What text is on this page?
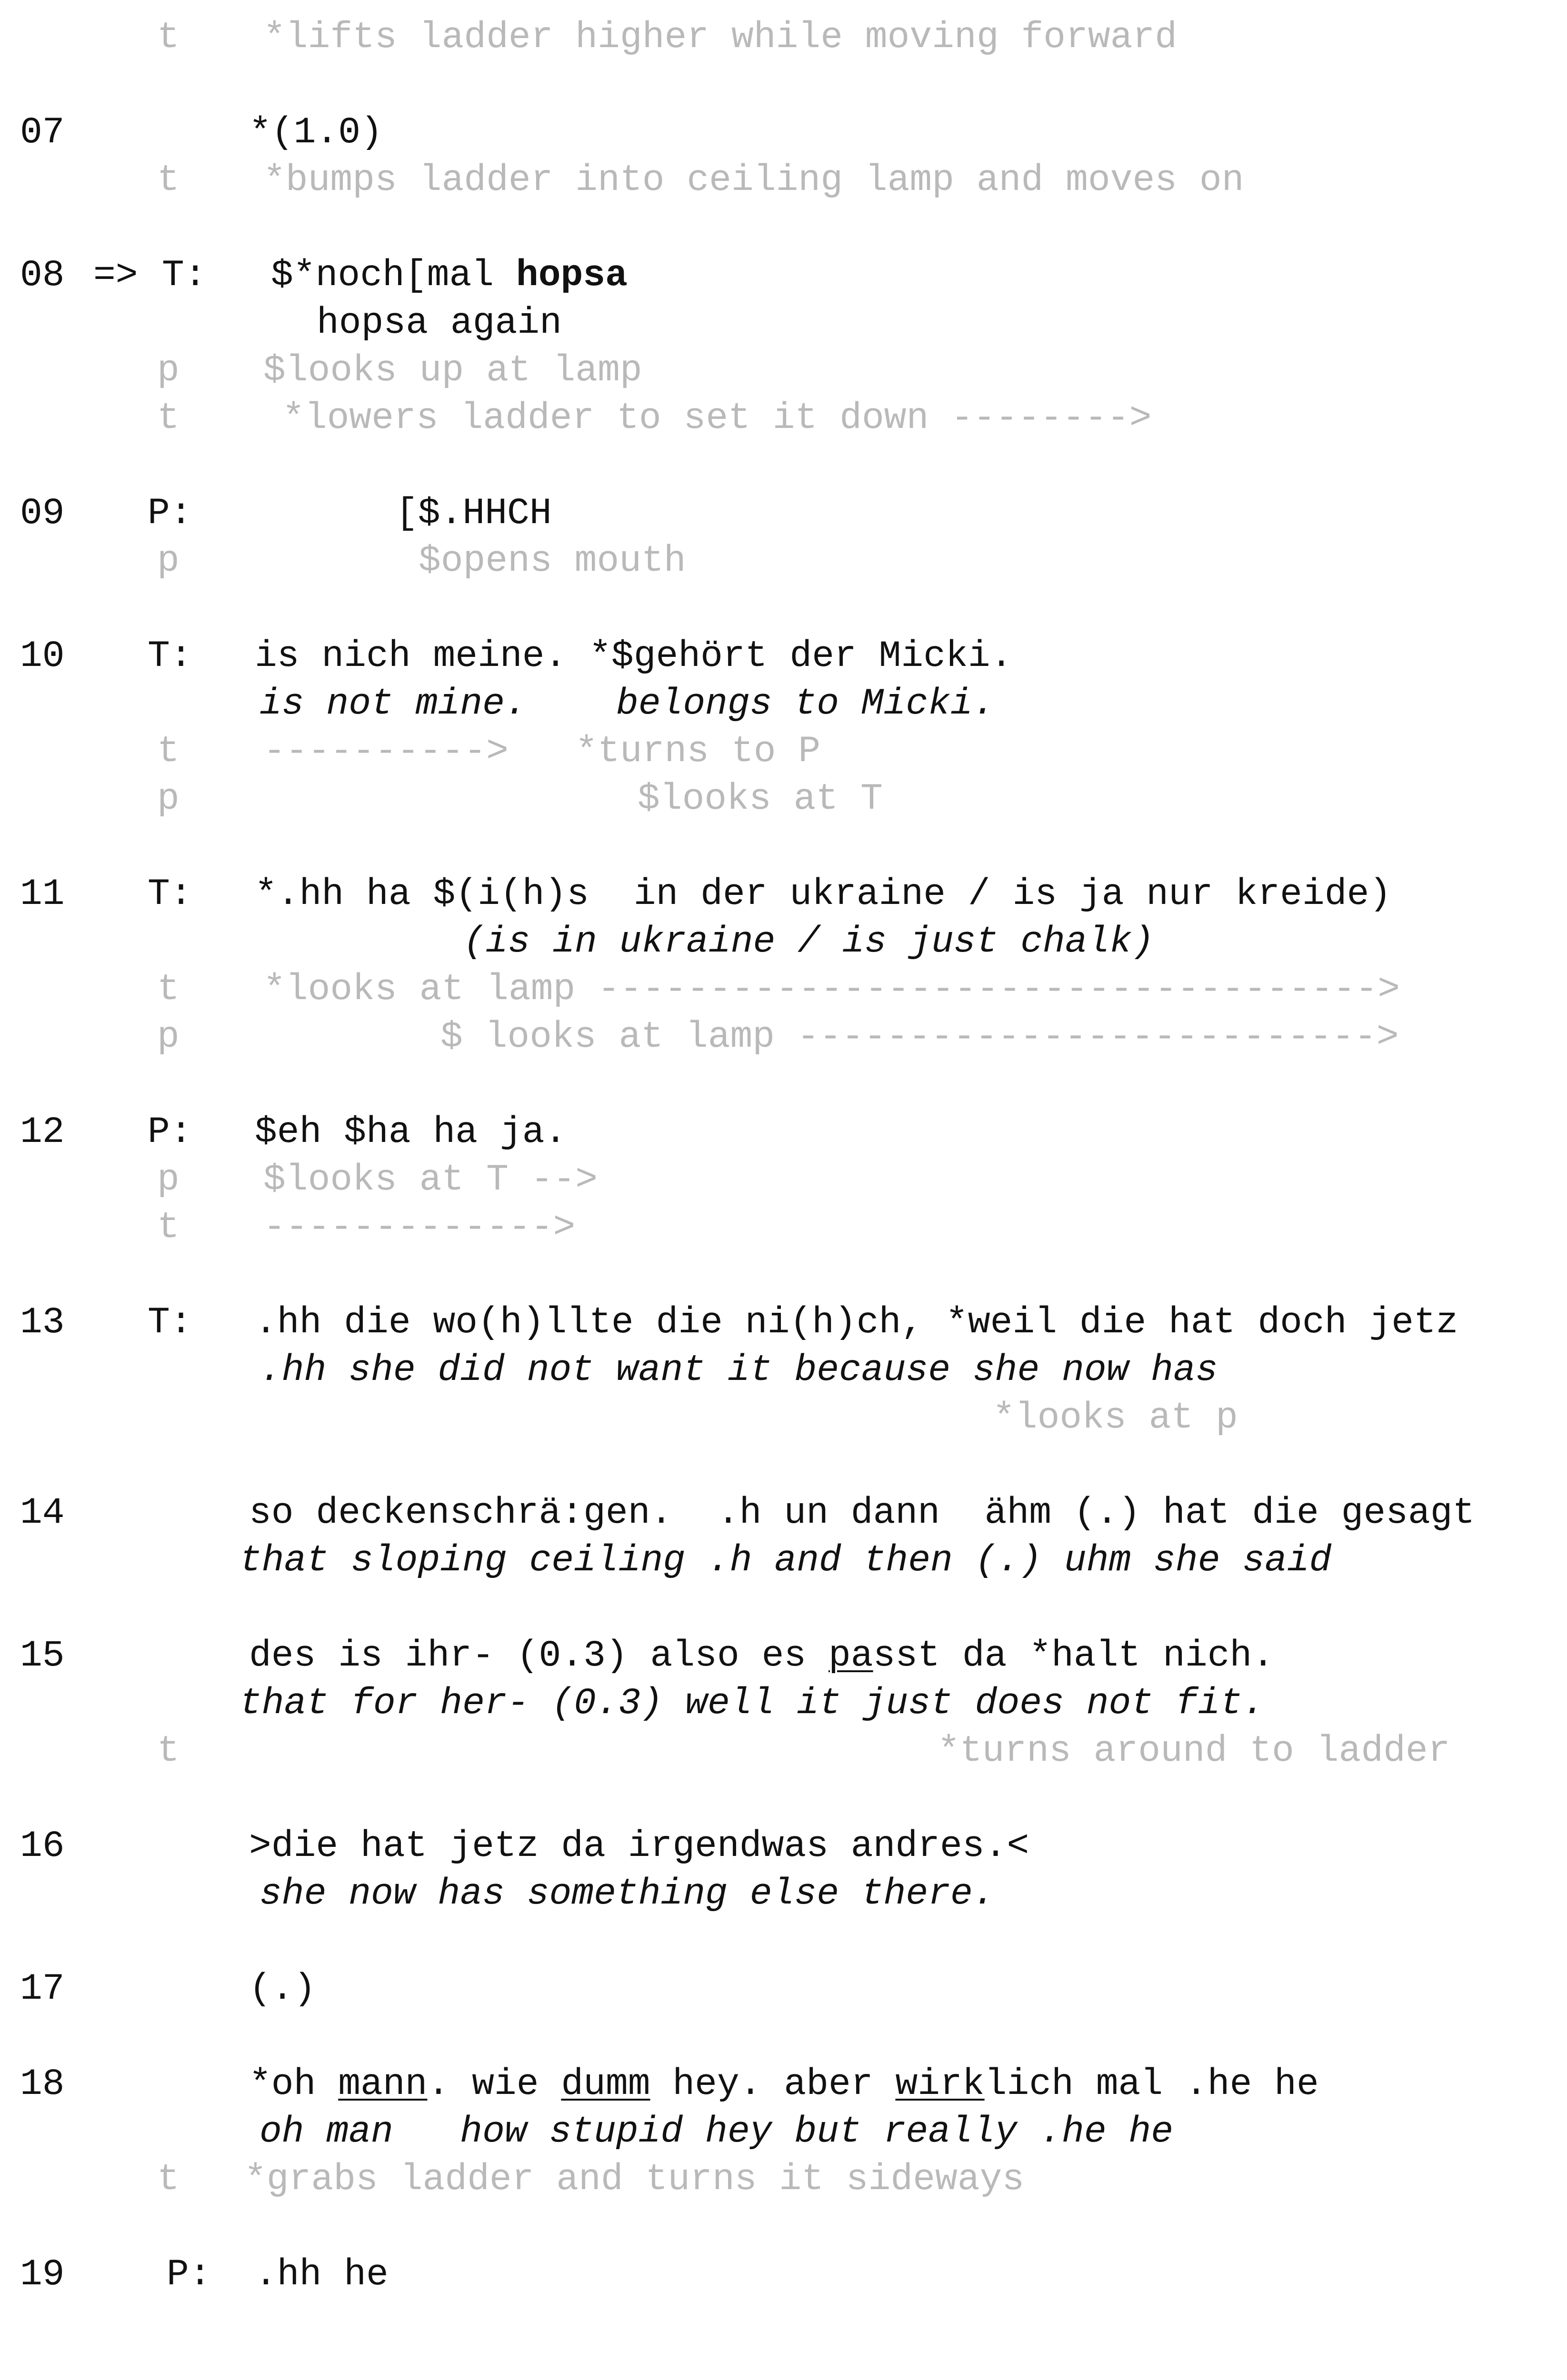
t *lifts ladder higher while moving forward
07	*(1.0)
t *bumps ladder into ceiling lamp and moves on
08 => T: $*noch[mal hopsa
hopsa again
p $looks up at lamp
t	*lowers ladder to set it down -------->
09 P:	[$.HHCH
p	$opens mouth
10 T: is nich meine. *$gehört der Micki.
is not mine.    belongs to Micki.
t ---------->   *turns to P
p	$looks at T
11 T: *.hh ha $(i(h)s  in der ukraine / is ja nur kreide)
(is in ukraine / is just chalk)
t *looks at lamp ----------------------------------->
p	$ looks at lamp -------------------------->
12 P: $eh $ha ha ja.
p $looks at T -->
t ------------->
13 T: .hh die wo(h)llte die ni(h)ch, *weil die hat doch jetz
.hh she did not want it because she now has
*looks at p
14	so deckenschrä:gen.  .h un dann  ähm (.) hat die gesagt
that sloping ceiling .h and then (.) uhm she said
15	des is ihr- (0.3) also es passt da *halt nich.
that for her- (0.3) well it just does not fit.
t	*turns around to ladder
16	>die hat jetz da irgendwas andres.<
she now has something else there.
17	(.)
18	*oh mann. wie dumm hey. aber wirklich mal .he he
oh man   how stupid hey but really .he he
t *grabs ladder and turns it sideways
19	P: .hh he
